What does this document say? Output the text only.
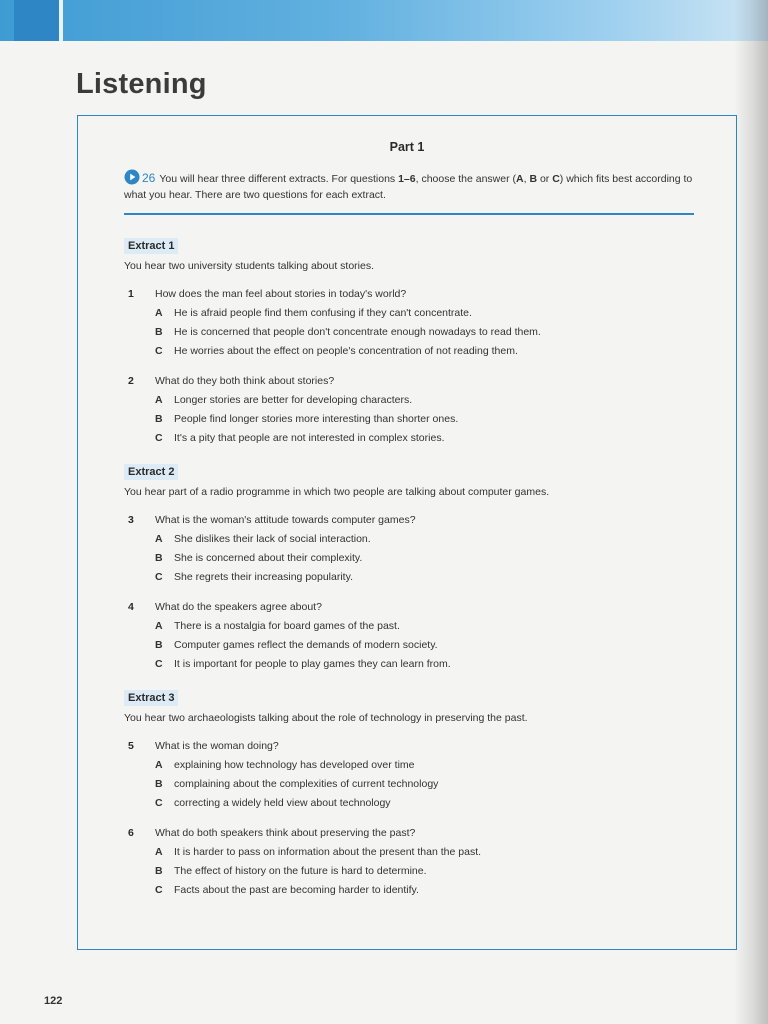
Listening
Part 1
26 You will hear three different extracts. For questions 1–6, choose the answer (A, B or C) which fits best according to what you hear. There are two questions for each extract.
Extract 1
You hear two university students talking about stories.
1 How does the man feel about stories in today's world?
A He is afraid people find them confusing if they can't concentrate.
B He is concerned that people don't concentrate enough nowadays to read them.
C He worries about the effect on people's concentration of not reading them.
2 What do they both think about stories?
A Longer stories are better for developing characters.
B People find longer stories more interesting than shorter ones.
C It's a pity that people are not interested in complex stories.
Extract 2
You hear part of a radio programme in which two people are talking about computer games.
3 What is the woman's attitude towards computer games?
A She dislikes their lack of social interaction.
B She is concerned about their complexity.
C She regrets their increasing popularity.
4 What do the speakers agree about?
A There is a nostalgia for board games of the past.
B Computer games reflect the demands of modern society.
C It is important for people to play games they can learn from.
Extract 3
You hear two archaeologists talking about the role of technology in preserving the past.
5 What is the woman doing?
A explaining how technology has developed over time
B complaining about the complexities of current technology
C correcting a widely held view about technology
6 What do both speakers think about preserving the past?
A It is harder to pass on information about the present than the past.
B The effect of history on the future is hard to determine.
C Facts about the past are becoming harder to identify.
122
